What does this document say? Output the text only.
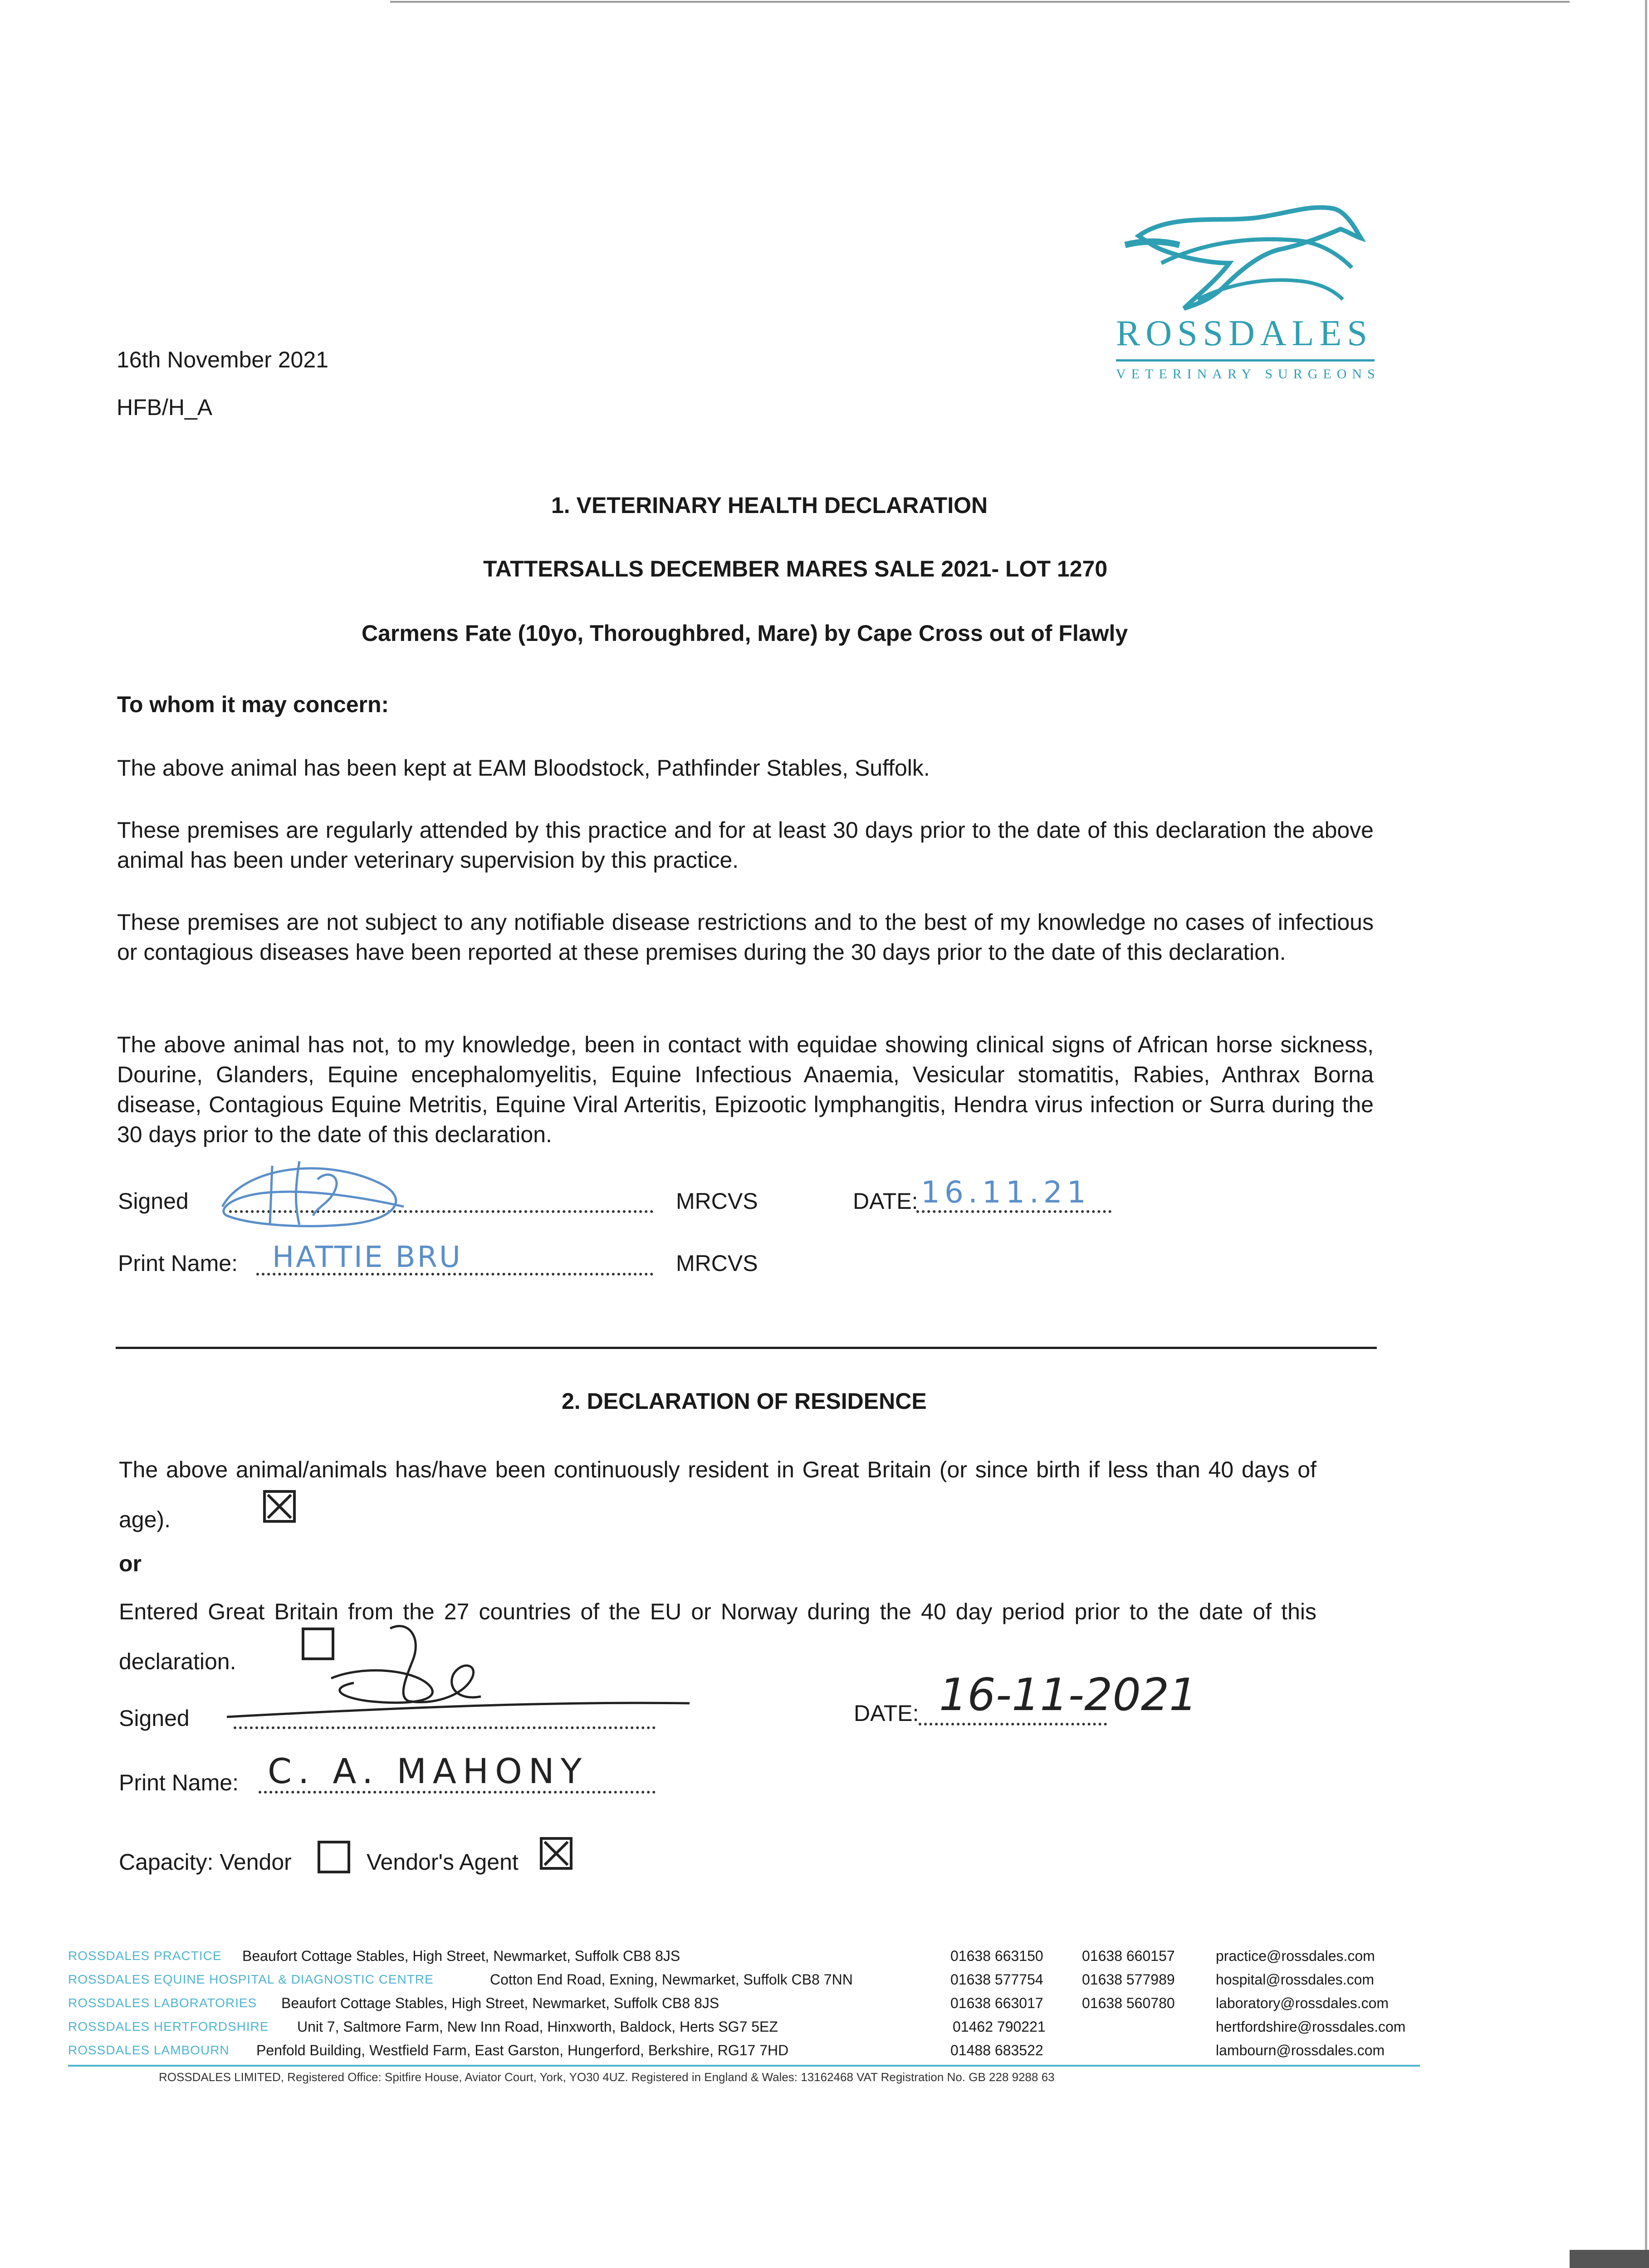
ROSSDALES
VETERINARY SURGEONS
16th November 2021
HFB/H_A
1. VETERINARY HEALTH DECLARATION
TATTERSALLS DECEMBER MARES SALE 2021- LOT 1270
Carmens Fate (10yo, Thoroughbred, Mare) by Cape Cross out of Flawly
To whom it may concern:
The above animal has been kept at EAM Bloodstock, Pathfinder Stables, Suffolk.
These premises are regularly attended by this practice and for at least 30 days prior to the date of this declaration the above animal has been under veterinary supervision by this practice.
These premises are not subject to any notifiable disease restrictions and to the best of my knowledge no cases of infectious or contagious diseases have been reported at these premises during the 30 days prior to the date of this declaration.
The above animal has not, to my knowledge, been in contact with equidae showing clinical signs of African horse sickness, Dourine, Glanders, Equine encephalomyelitis, Equine Infectious Anaemia, Vesicular stomatitis, Rabies, Anthrax Borna disease, Contagious Equine Metritis, Equine Viral Arteritis, Epizootic lymphangitis, Hendra virus infection or Surra during the 30 days prior to the date of this declaration.
Signed	MRCVS	DATE: 16.11.21
Print Name: HATTIE BRU	MRCVS
2. DECLARATION OF RESIDENCE
The above animal/animals has/have been continuously resident in Great Britain (or since birth if less than 40 days of age).
or
Entered Great Britain from the 27 countries of the EU or Norway during the 40 day period prior to the date of this declaration.
Signed	DATE: 16-11-2021
Print Name: C. A. MAHONY
Capacity: Vendor	Vendor's Agent
ROSSDALES PRACTICE Beaufort Cottage Stables, High Street, Newmarket, Suffolk CB8 8JS	01638 663150	01638 660157	practice@rossdales.com
ROSSDALES EQUINE HOSPITAL & DIAGNOSTIC CENTRE	Cotton End Road, Exning, Newmarket, Suffolk CB8 7NN	01638 577754	01638 577989	hospital@rossdales.com
ROSSDALES LABORATORIES Beaufort Cottage Stables, High Street, Newmarket, Suffolk CB8 8JS	01638 663017	01638 560780	laboratory@rossdales.com
ROSSDALES HERTFORDSHIRE Unit 7, Saltmore Farm, New Inn Road, Hinxworth, Baldock, Herts SG7 5EZ	01462 790221	hertfordshire@rossdales.com
ROSSDALES LAMBOURN Penfold Building, Westfield Farm, East Garston, Hungerford, Berkshire, RG17 7HD	01488 683522	lambourn@rossdales.com
ROSSDALES LIMITED, Registered Office: Spitfire House, Aviator Court, York, YO30 4UZ. Registered in England & Wales: 13162468 VAT Registration No. GB 228 9288 63
